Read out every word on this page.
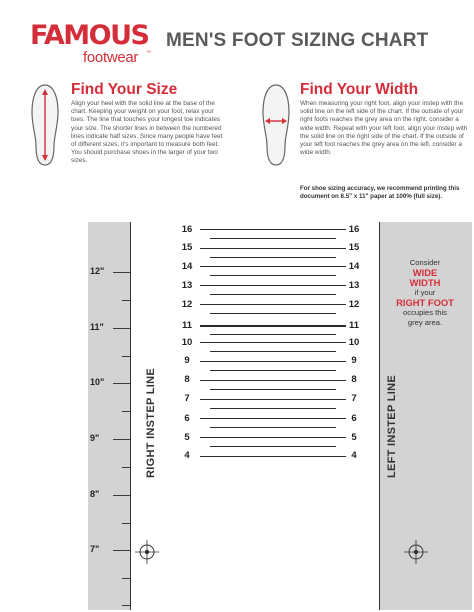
FAMOUS
footwear ™
MEN'S FOOT SIZING CHART
Find Your Size
Align your heel with the solid line at the base of the chart. Keeping your weight on your foot, relax your toes. The line that touches your longest toe indicates your size. The shorter lines in between the numbered lines indicate half sizes. Since many people have feet of different sizes, it's important to measure both feet. You should purchase shoes in the larger of your two sizes.
Find Your Width
When measuring your right foot, align your instep with the solid line on the left side of the chart. If the outside of your right foots reaches the grey area on the right, consider a wide width. Repeat with your left foot, align your instep with the solid line on the right side of the chart. If the outside of your left foot reaches the grey area on the left, consider a wide width.
For shoe sizing accuracy, we recommend printing this document on 8.5" x 11" paper at 100% (full size).
RIGHT INSTEP LINE
12"
11"
10"
9"
8"
7"
LEFT INSTEP LINE
Consider
WIDE
WIDTH
if your
RIGHT FOOT
occupies this
grey area.
16	16
15	15
14	14
13	13
12	12
11	11
10	10
9	9
8	8
7	7
6	6
5	5
4	4
